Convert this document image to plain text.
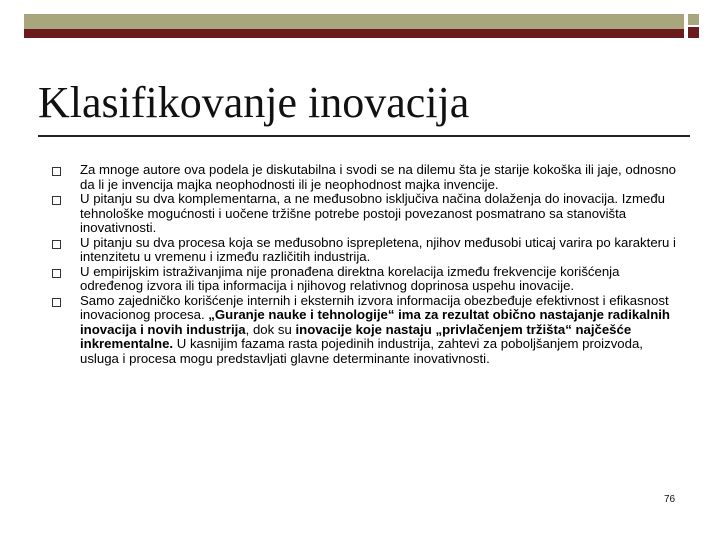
Klasifikovanje inovacija
Za mnoge autore ova podela je diskutabilna i svodi se na dilemu šta je starije kokoška ili jaje, odnosno da li je invencija majka neophodnosti ili je neophodnost majka invencije.
U pitanju su dva komplementarna, a ne međusobno isključiva načina dolaženja do inovacija. Između tehnološke mogućnosti i uočene tržišne potrebe postoji povezanost posmatrano sa stanovišta inovativnosti.
U pitanju su dva procesa koja se međusobno isprepletena, njihov međusobi uticaj varira po karakteru i intenzitetu u vremenu i između različitih industrija.
U empirijskim istraživanjima nije pronađena direktna korelacija između frekvencije korišćenja određenog izvora ili tipa informacija i njihovog relativnog doprinosa uspehu inovacije.
Samo zajedničko korišćenje internih i eksternih izvora informacija obezbeđuje efektivnost i efikasnost inovacionog procesa. „Guranje nauke i tehnologije“ ima za rezultat obično nastajanje radikalnih inovacija i novih industrija, dok su inovacije koje nastaju „privlačenjem tržišta“ najčešće inkrementalne. U kasnijim fazama rasta pojedinih industrija, zahtevi za poboljšanjem proizvoda, usluga i procesa mogu predstavljati glavne determinante inovativnosti.
76
